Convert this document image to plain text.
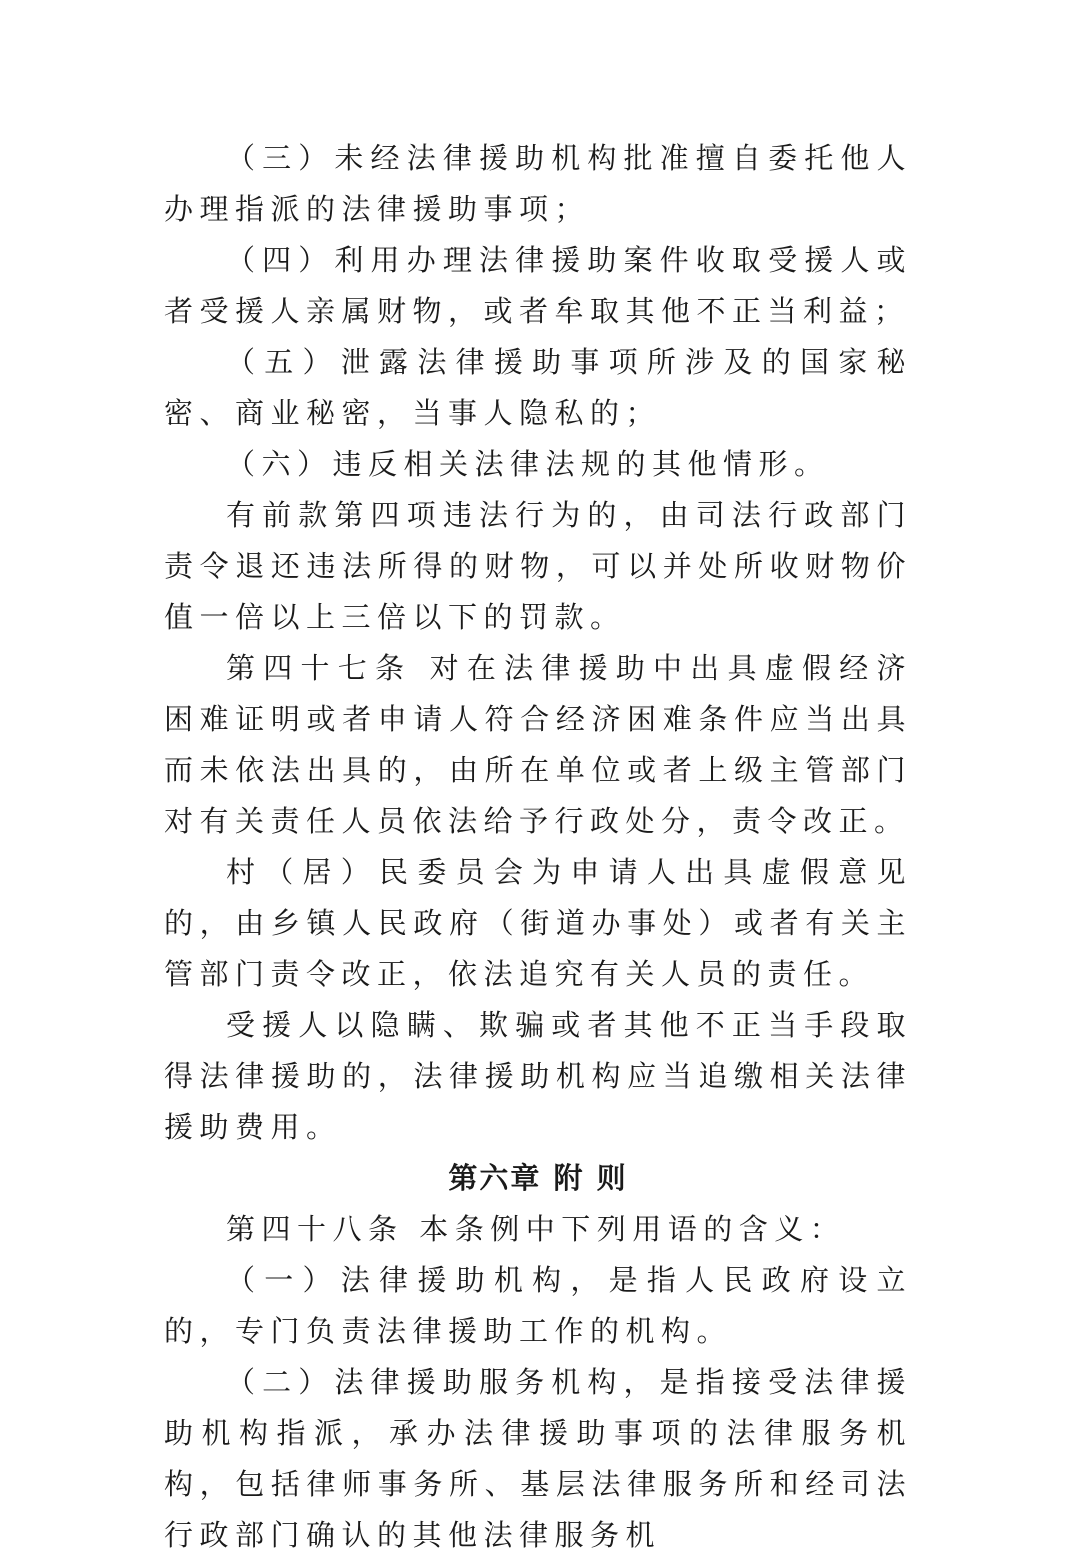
（三）未经法律援助机构批准擅自委托他人办理指派的法律援助事项；

（四）利用办理法律援助案件收取受援人或者受援人亲属财物，或者牟取其他不正当利益；

（五）泄露法律援助事项所涉及的国家秘密、商业秘密，当事人隐私的；

（六）违反相关法律法规的其他情形。

有前款第四项违法行为的，由司法行政部门责令退还违法所得的财物，可以并处所收财物价值一倍以上三倍以下的罚款。

第四十七条 对在法律援助中出具虚假经济困难证明或者申请人符合经济困难条件应当出具而未依法出具的，由所在单位或者上级主管部门对有关责任人员依法给予行政处分，责令改正。

村（居）民委员会为申请人出具虚假意见的，由乡镇人民政府（街道办事处）或者有关主管部门责令改正，依法追究有关人员的责任。

受援人以隐瞒、欺骗或者其他不正当手段取得法律援助的，法律援助机构应当追缴相关法律援助费用。

第六章 附 则

第四十八条 本条例中下列用语的含义：

（一）法律援助机构，是指人民政府设立的，专门负责法律援助工作的机构。

（二）法律援助服务机构，是指接受法律援助机构指派，承办法律援助事项的法律服务机构，包括律师事务所、基层法律服务所和经司法行政部门确认的其他法律服务机
